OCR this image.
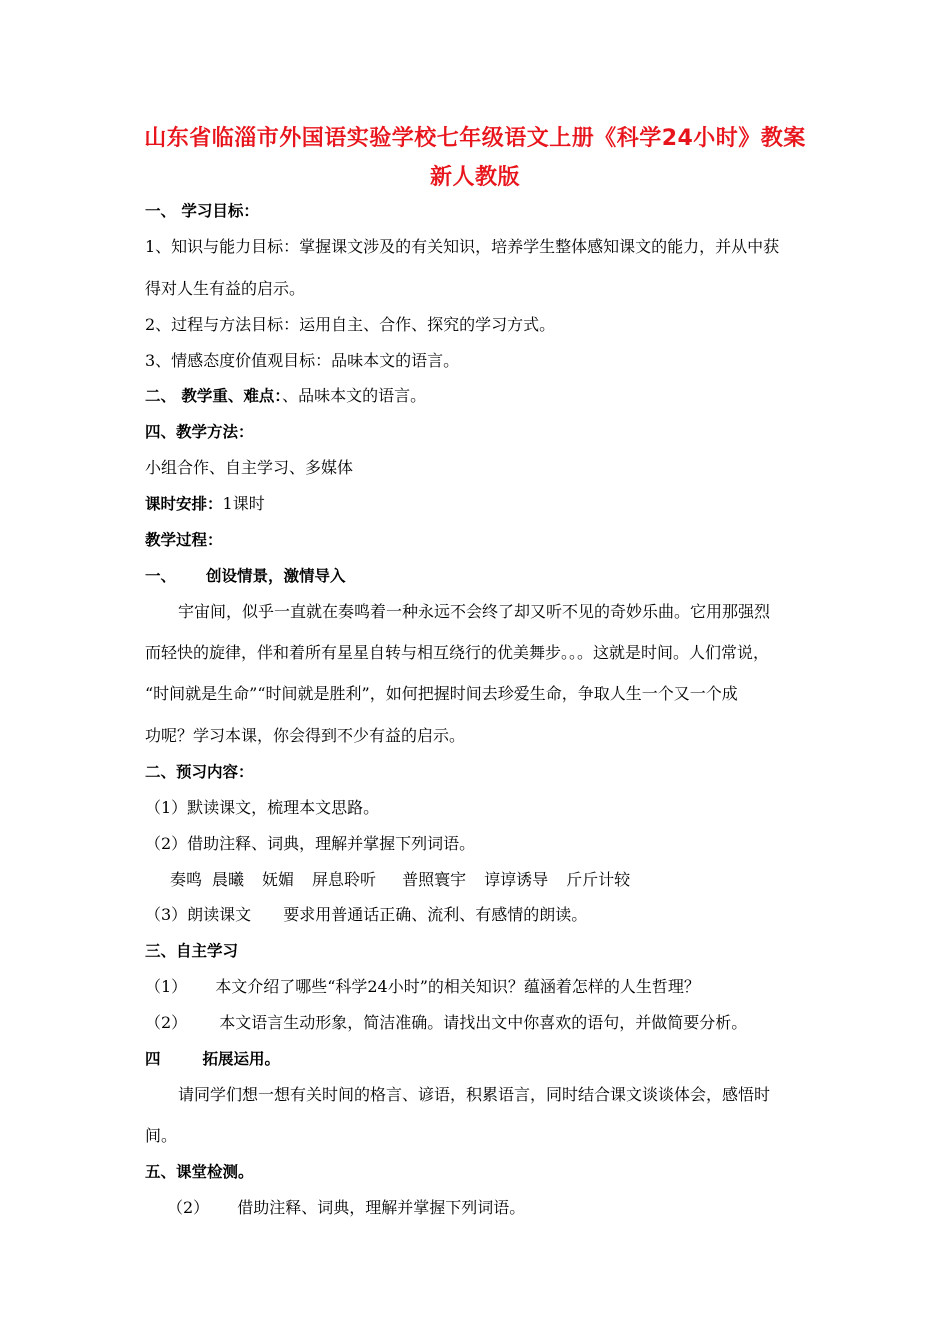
山东省临淄市外国语实验学校七年级语文上册《科学24小时》教案
新人教版
一、 学习目标：
1、知识与能力目标：掌握课文涉及的有关知识，培养学生整体感知课文的能力，并从中获
得对人生有益的启示。
2、过程与方法目标：运用自主、合作、探究的学习方式。
3、情感态度价值观目标：品味本文的语言。
二、 教学重、难点：、品味本文的语言。
四、教学方法：
小组合作、自主学习、多媒体
课时安排：1课时
教学过程：
一、 创设情景，激情导入
宇宙间，似乎一直就在奏鸣着一种永远不会终了却又听不见的奇妙乐曲。它用那强烈
而轻快的旋律，伴和着所有星星自转与相互绕行的优美舞步。。。这就是时间。人们常说，
“时间就是生命”“时间就是胜利”，如何把握时间去珍爱生命，争取人生一个又一个成
功呢？学习本课，你会得到不少有益的启示。
二、预习内容：
（1）默读课文，梳理本文思路。
（2）借助注释、词典，理解并掌握下列词语。
奏鸣 晨曦 妩媚 屏息聆听 普照寰宇 谆谆诱导 斤斤计较
（3）朗读课文 要求用普通话正确、流利、有感情的朗读。
三、自主学习
（1） 本文介绍了哪些“科学24小时”的相关知识？蕴涵着怎样的人生哲理？
（2） 本文语言生动形象，简洁准确。请找出文中你喜欢的语句，并做简要分析。
四	拓展运用。
请同学们想一想有关时间的格言、谚语，积累语言，同时结合课文谈谈体会，感悟时
间。
五、课堂检测。
（2） 借助注释、词典，理解并掌握下列词语。
